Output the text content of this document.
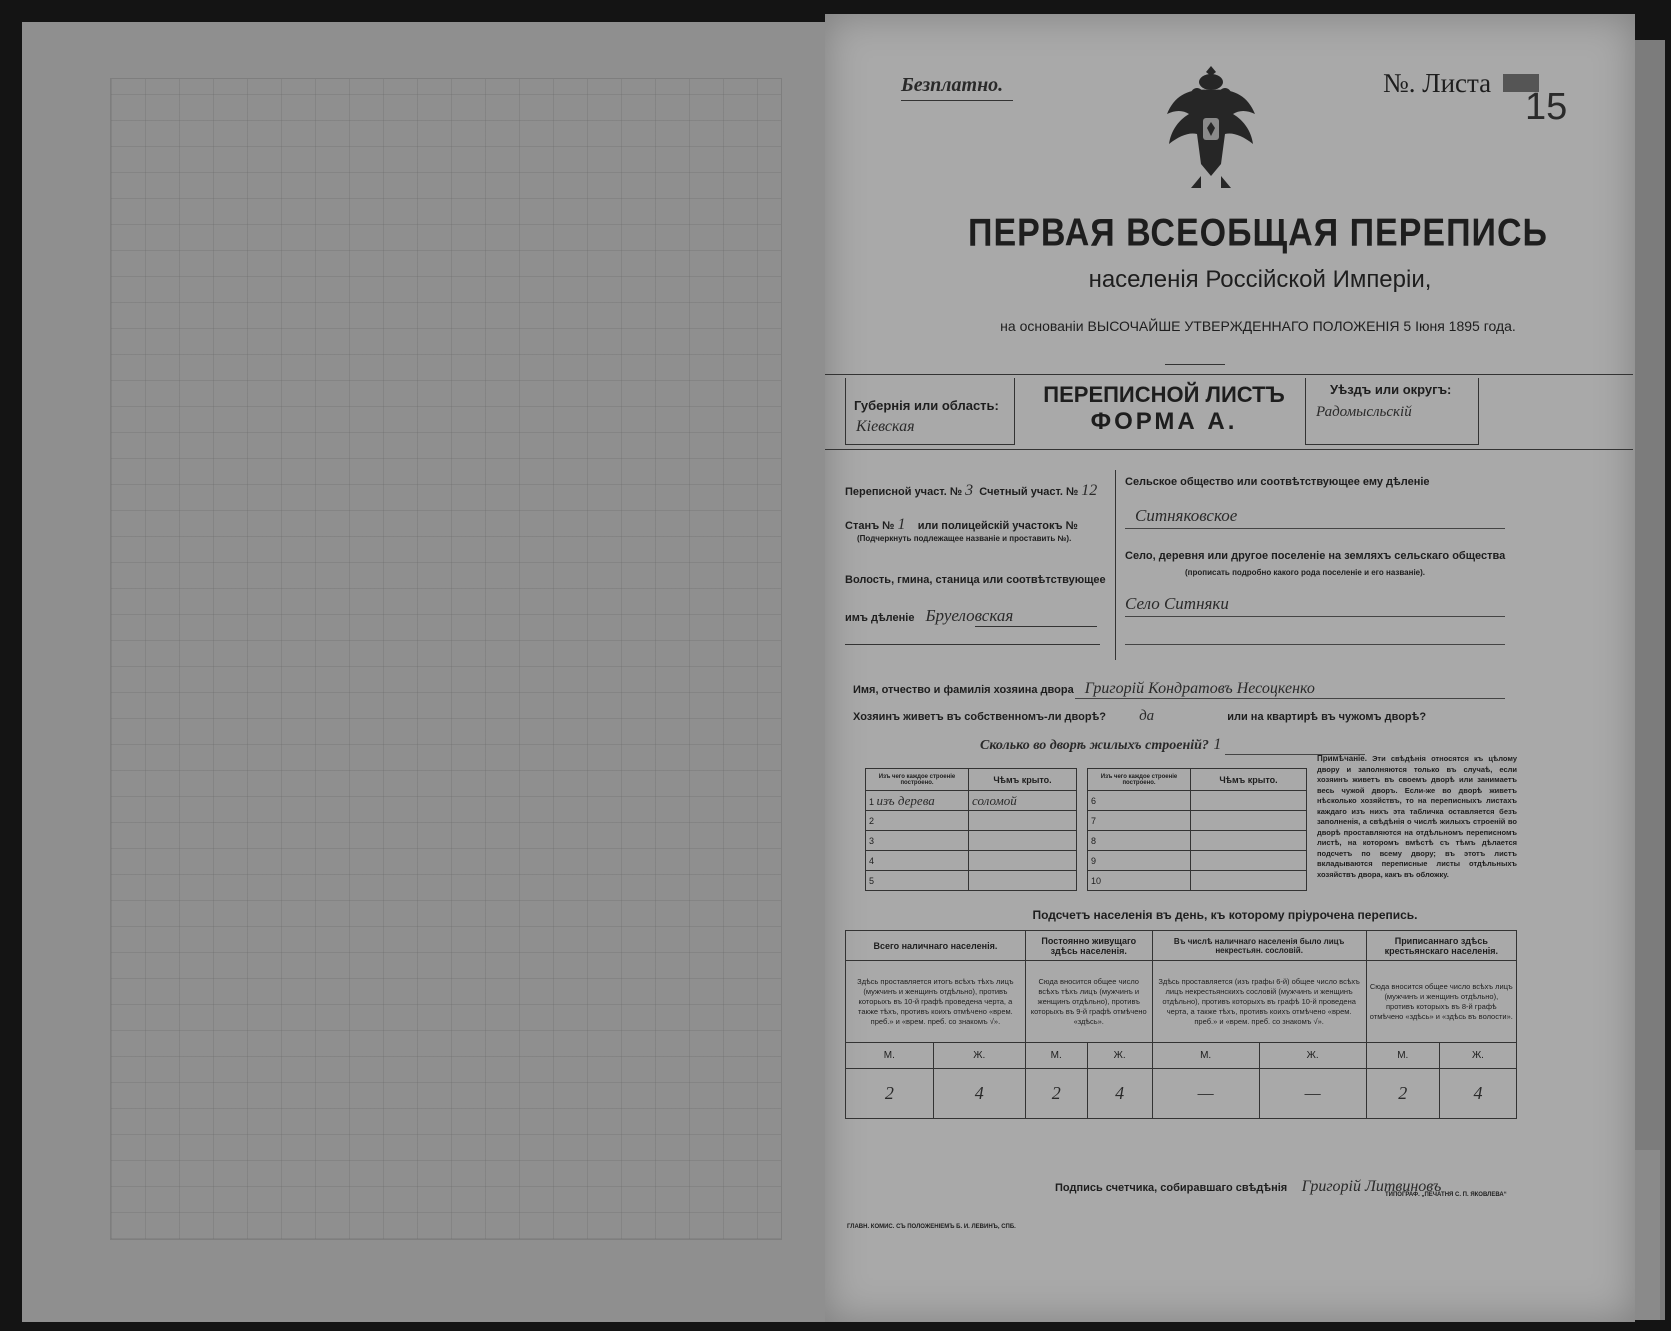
Безплатно.	№. Листа
15
ПЕРВАЯ ВСЕОБЩАЯ ПЕРЕПИСЬ
населенія Россійской Имперіи,
на основаніи ВЫСОЧАЙШЕ УТВЕРЖДЕННАГО ПОЛОЖЕНІЯ 5 Іюня 1895 года.
Губернія или область:
Кіевская
ПЕРЕПИСНОЙ ЛИСТЪ
ФОРМА А.
Уѣздъ или округъ:
Радомысльскій
Переписной участ. № 3 Счетный участ. № 12
Станъ № 1 или полицейскій участокъ №
(Подчеркнуть подлежащее названіе и проставить №).
Волость, гмина, станица или соотвѣтствующее
имъ дѣленіе Бруеловская
Сельское общество или соотвѣтствующее ему дѣленіе
Ситняковское
Село, деревня или другое поселеніе на земляхъ сельскаго общества
(прописать подробно какого рода поселеніе и его названіе).
Село Ситняки
Имя, отчество и фамилія хозяина двора Григорій Кондратовъ Несоцкенко
Хозяинъ живетъ въ собственномъ-ли дворѣ? да	или на квартирѣ въ чужомъ дворѣ?
Сколько во дворѣ жилыхъ строеній? 1
Изъ чего каждое строеніе построено.	Чѣмъ крыто.
1 изъ дерева	соломой
2	
3	
4	
5	
Изъ чего каждое строеніе построено.	Чѣмъ крыто.
6	
7	
8	
9	
10	
Примѣчаніе. Эти свѣдѣнія относятся къ цѣлому двору и заполняются только въ случаѣ, если хозяинъ живетъ въ своемъ дворѣ или занимаетъ весь чужой дворъ. Если-же во дворѣ живетъ нѣсколько хозяйствъ, то на переписныхъ листахъ каждаго изъ нихъ эта табличка оставляется безъ заполненія, а свѣдѣнія о числѣ жилыхъ строеній во дворѣ проставляются на отдѣльномъ переписномъ листѣ, на которомъ вмѣстѣ съ тѣмъ дѣлается подсчетъ по всему двору; въ этотъ листъ вкладываются переписные листы отдѣльныхъ хозяйствъ двора, какъ въ обложку.
Подсчетъ населенія въ день, къ которому пріурочена перепись.
Всего наличнаго населенія.		Постоянно живущаго здѣсь населенія.		Въ числѣ наличнаго населенія было лицъ некрестьян. сословій.		Приписаннаго здѣсь крестьянскаго населенія.	
Здѣсь проставляется итогъ всѣхъ тѣхъ лицъ (мужчинъ и женщинъ отдѣльно), противъ которыхъ въ 10-й графѣ проведена черта, а также тѣхъ, противъ коихъ отмѣчено «врем. преб.» и «врем. преб. со знакомъ √».		Сюда вносится общее число всѣхъ тѣхъ лицъ (мужчинъ и женщинъ отдѣльно), противъ которыхъ въ 9-й графѣ отмѣчено «здѣсь».		Здѣсь проставляется (изъ графы 6-й) общее число всѣхъ лицъ некрестьянскихъ сословій (мужчинъ и женщинъ отдѣльно), противъ которыхъ въ графѣ 10-й проведена черта, а также тѣхъ, противъ коихъ отмѣчено «врем. преб.» и «врем. преб. со знакомъ √».		Сюда вносится общее число всѣхъ лицъ (мужчинъ и женщинъ отдѣльно), противъ которыхъ въ 8-й графѣ отмѣчено «здѣсь» и «здѣсь въ волости».	
М.	Ж.	М.	Ж.	М.	Ж.	М.	Ж.
2	4	2	4	—	—	2	4
Подпись счетчика, собиравшаго свѣдѣнія Григорій Литвиновъ
ГЛАВН. КОМИС. СЪ ПОЛОЖЕНІЕМЪ Б. И. ЛЕВИНЪ, СПБ.
ТИПОГРАФ. „ПЕЧАТНЯ С. П. ЯКОВЛЕВА“
